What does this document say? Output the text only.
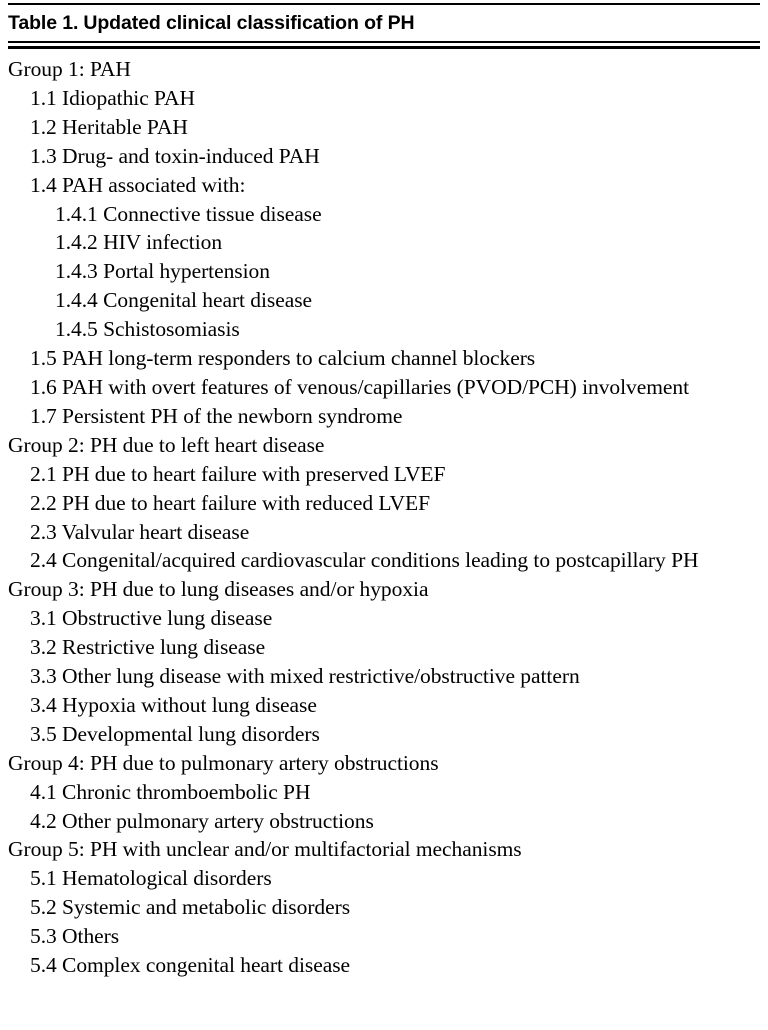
Table 1. Updated clinical classification of PH
Group 1: PAH
1.1 Idiopathic PAH
1.2 Heritable PAH
1.3 Drug- and toxin-induced PAH
1.4 PAH associated with:
1.4.1 Connective tissue disease
1.4.2 HIV infection
1.4.3 Portal hypertension
1.4.4 Congenital heart disease
1.4.5 Schistosomiasis
1.5 PAH long-term responders to calcium channel blockers
1.6 PAH with overt features of venous/capillaries (PVOD/PCH) involvement
1.7 Persistent PH of the newborn syndrome
Group 2: PH due to left heart disease
2.1 PH due to heart failure with preserved LVEF
2.2 PH due to heart failure with reduced LVEF
2.3 Valvular heart disease
2.4 Congenital/acquired cardiovascular conditions leading to postcapillary PH
Group 3: PH due to lung diseases and/or hypoxia
3.1 Obstructive lung disease
3.2 Restrictive lung disease
3.3 Other lung disease with mixed restrictive/obstructive pattern
3.4 Hypoxia without lung disease
3.5 Developmental lung disorders
Group 4: PH due to pulmonary artery obstructions
4.1 Chronic thromboembolic PH
4.2 Other pulmonary artery obstructions
Group 5: PH with unclear and/or multifactorial mechanisms
5.1 Hematological disorders
5.2 Systemic and metabolic disorders
5.3 Others
5.4 Complex congenital heart disease
